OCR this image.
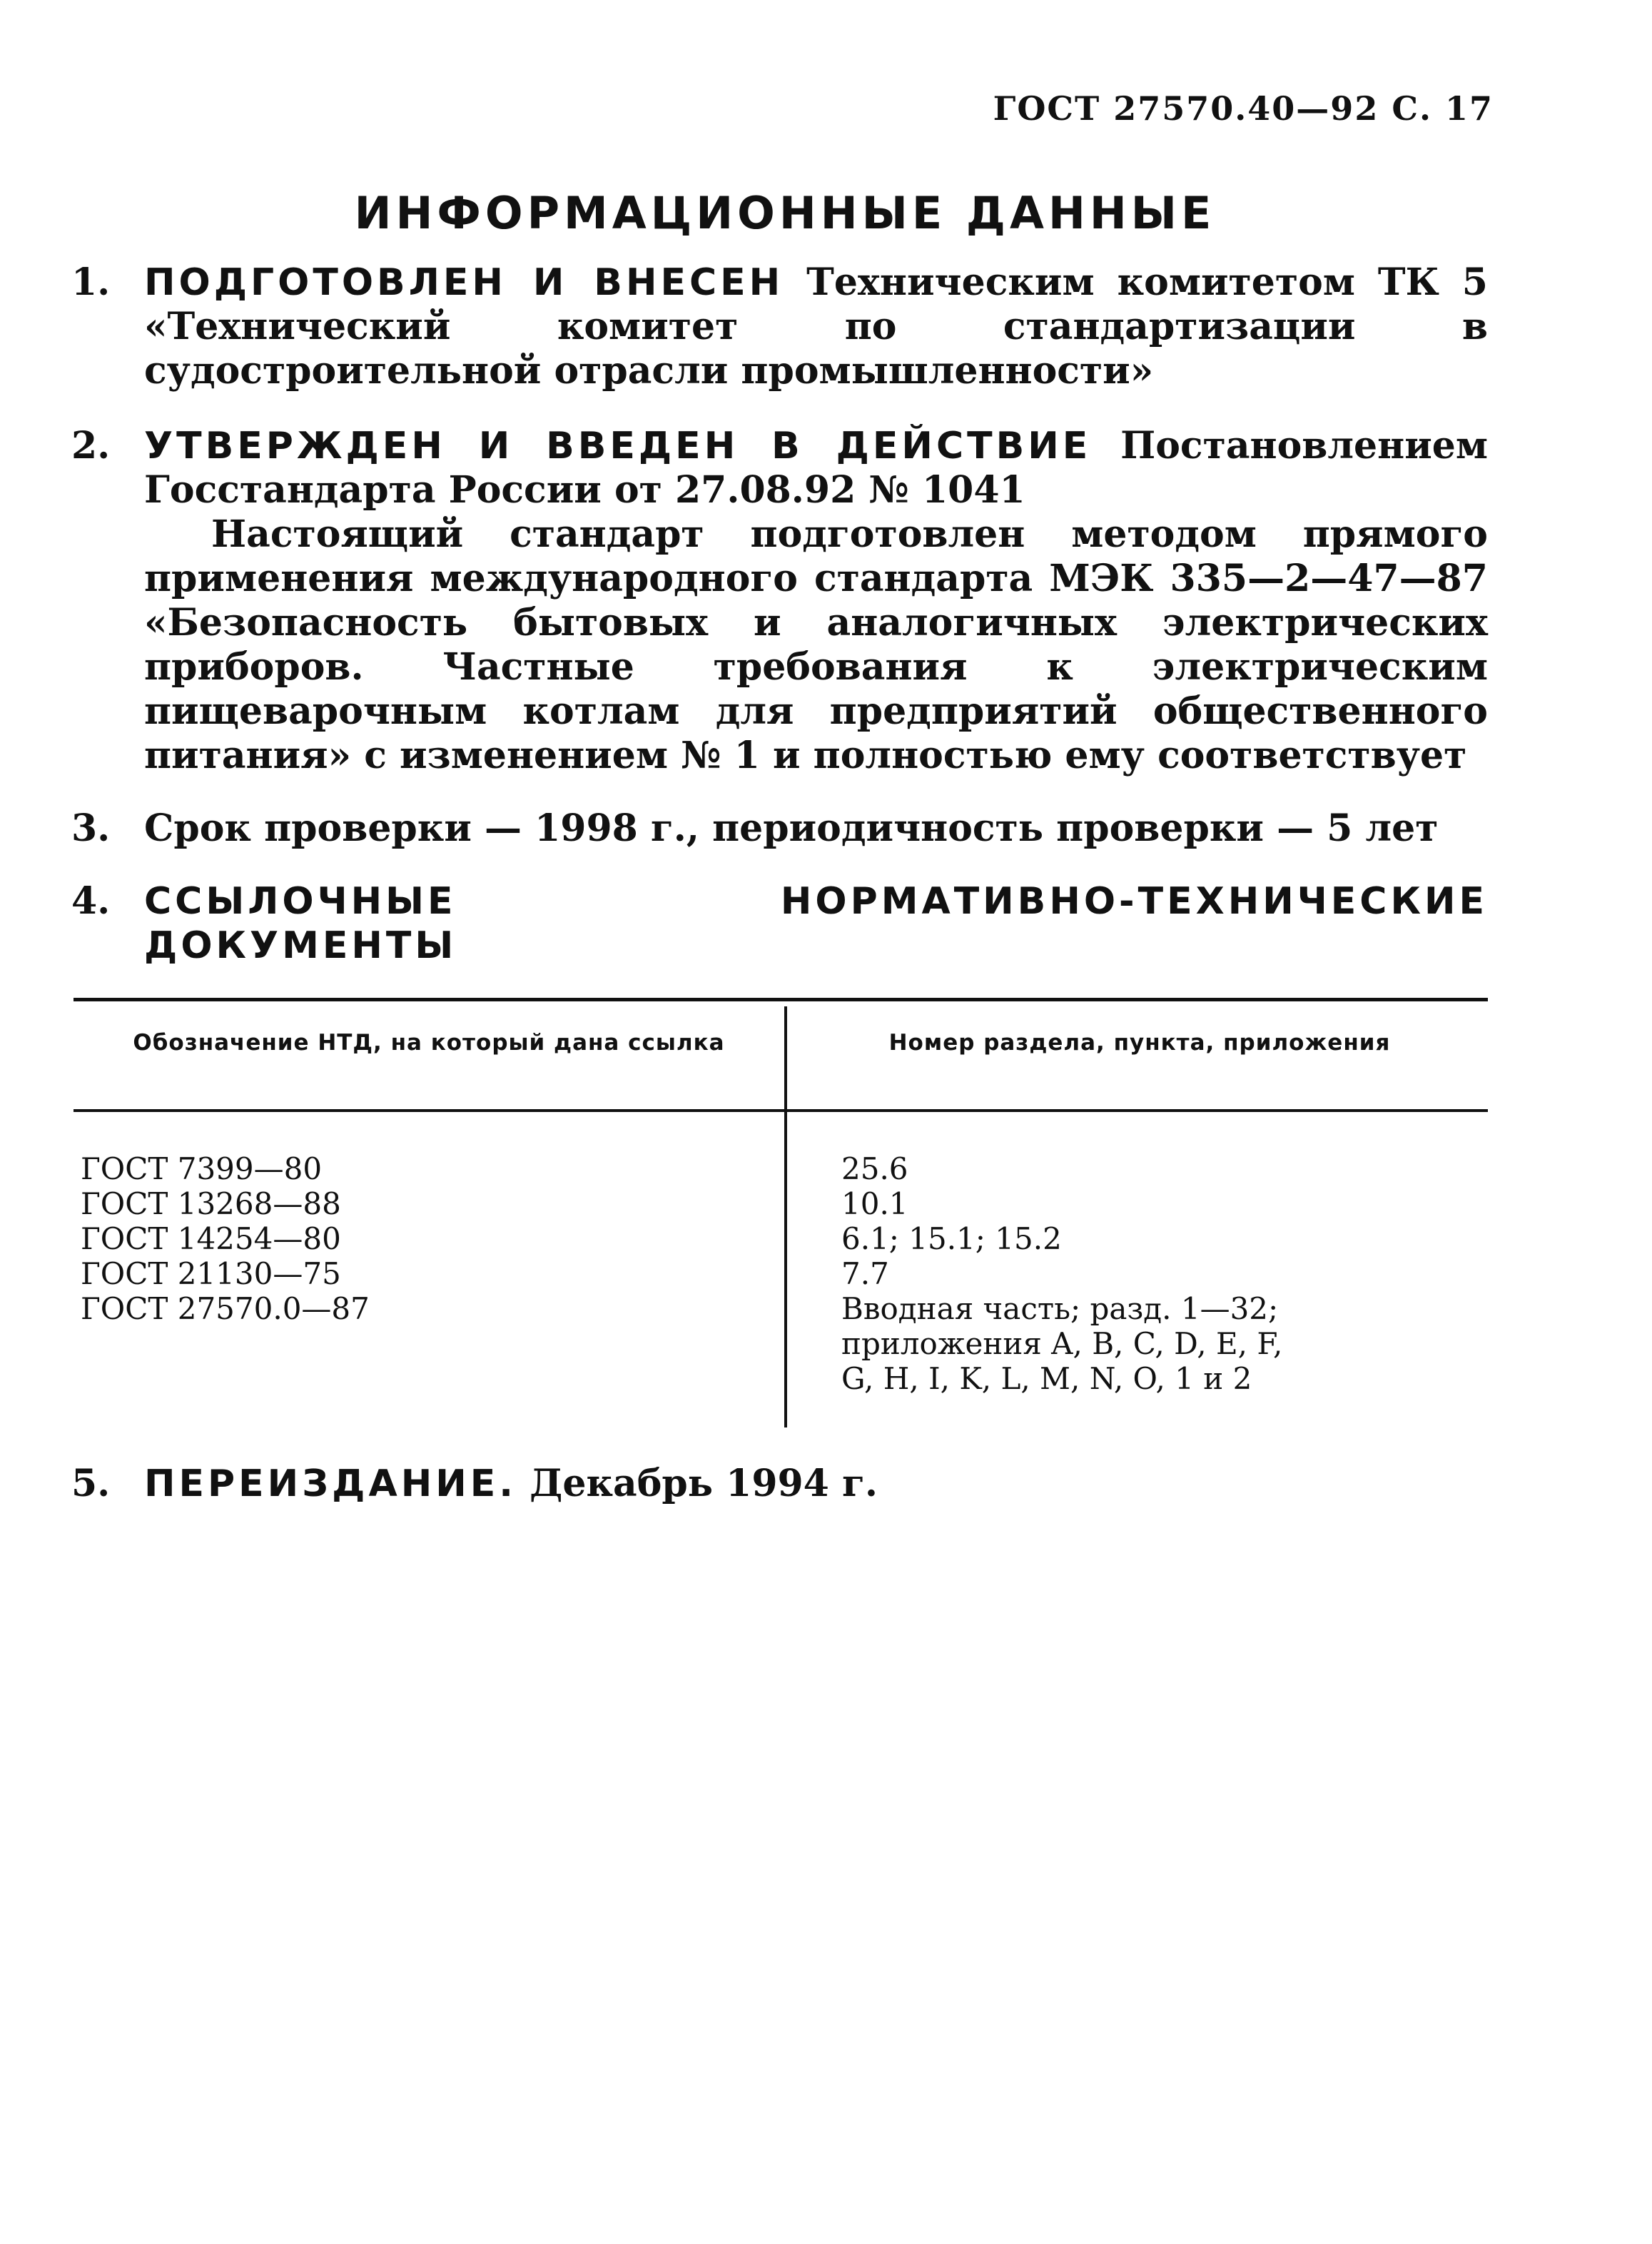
ГОСТ 27570.40—92 С. 17
ИНФОРМАЦИОННЫЕ ДАННЫЕ
1. ПОДГОТОВЛЕН И ВНЕСЕН Техническим комитетом ТК 5 «Технический комитет по стандартизации в судостроительной отрасли промышленности»
2. УТВЕРЖДЕН И ВВЕДЕН В ДЕЙСТВИЕ Постановлением Госстандарта России от 27.08.92 № 1041
Настоящий стандарт подготовлен методом прямого применения международного стандарта МЭК 335—2—47—87 «Безопасность бытовых и аналогичных электрических приборов. Частные требования к электрическим пищеварочным котлам для предприятий общественного питания» с изменением № 1 и полностью ему соответствует
3. Срок проверки — 1998 г., периодичность проверки — 5 лет
4. ССЫЛОЧНЫЕ НОРМАТИВНО-ТЕХНИЧЕСКИЕ ДОКУМЕНТЫ
Обозначение НТД, на который дана ссылка	Номер раздела, пункта, приложения
ГОСТ 7399—80
ГОСТ 13268—88
ГОСТ 14254—80
ГОСТ 21130—75
ГОСТ 27570.0—87
25.6
10.1
6.1; 15.1; 15.2
7.7
Вводная часть; разд. 1—32;
приложения A, B, C, D, E, F,
G, H, I, K, L, M, N, O, 1 и 2
5. ПЕРЕИЗДАНИЕ. Декабрь 1994 г.
